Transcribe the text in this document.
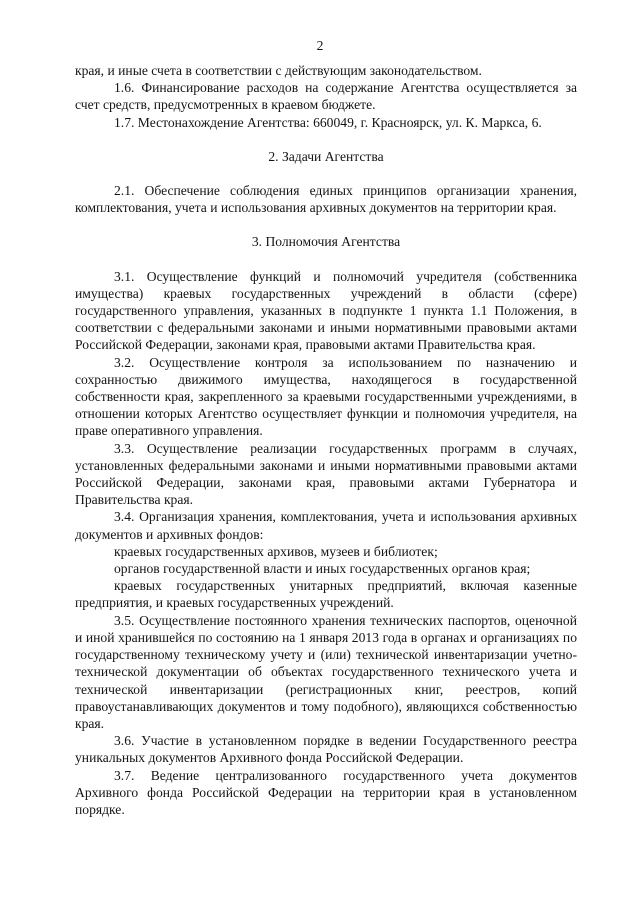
2

края, и иные счета в соответствии с действующим законодательством.

1.6. Финансирование расходов на содержание Агентства осуществляется за счет средств, предусмотренных в краевом бюджете.

1.7. Местонахождение Агентства: 660049, г. Красноярск, ул. К. Маркса, 6.

2. Задачи Агентства

2.1. Обеспечение соблюдения единых принципов организации хранения, комплектования, учета и использования архивных документов на территории края.

3. Полномочия Агентства

3.1. Осуществление функций и полномочий учредителя (собственника имущества) краевых государственных учреждений в области (сфере) государственного управления, указанных в подпункте 1 пункта 1.1 Положения, в соответствии с федеральными законами и иными нормативными правовыми актами Российской Федерации, законами края, правовыми актами Правительства края.

3.2. Осуществление контроля за использованием по назначению и сохранностью движимого имущества, находящегося в государственной собственности края, закрепленного за краевыми государственными учреждениями, в отношении которых Агентство осуществляет функции и полномочия учредителя, на праве оперативного управления.

3.3. Осуществление реализации государственных программ в случаях, установленных федеральными законами и иными нормативными правовыми актами Российской Федерации, законами края, правовыми актами Губернатора и Правительства края.

3.4. Организация хранения, комплектования, учета и использования архивных документов и архивных фондов:

краевых государственных архивов, музеев и библиотек;

органов государственной власти и иных государственных органов края;

краевых государственных унитарных предприятий, включая казенные предприятия, и краевых государственных учреждений.

3.5. Осуществление постоянного хранения технических паспортов, оценочной и иной хранившейся по состоянию на 1 января 2013 года в органах и организациях по государственному техническому учету и (или) технической инвентаризации учетно-технической документации об объектах государственного технического учета и технической инвентаризации (регистрационных книг, реестров, копий правоустанавливающих документов и тому подобного), являющихся собственностью края.

3.6. Участие в установленном порядке в ведении Государственного реестра уникальных документов Архивного фонда Российской Федерации.

3.7. Ведение централизованного государственного учета документов Архивного фонда Российской Федерации на территории края в установленном порядке.
